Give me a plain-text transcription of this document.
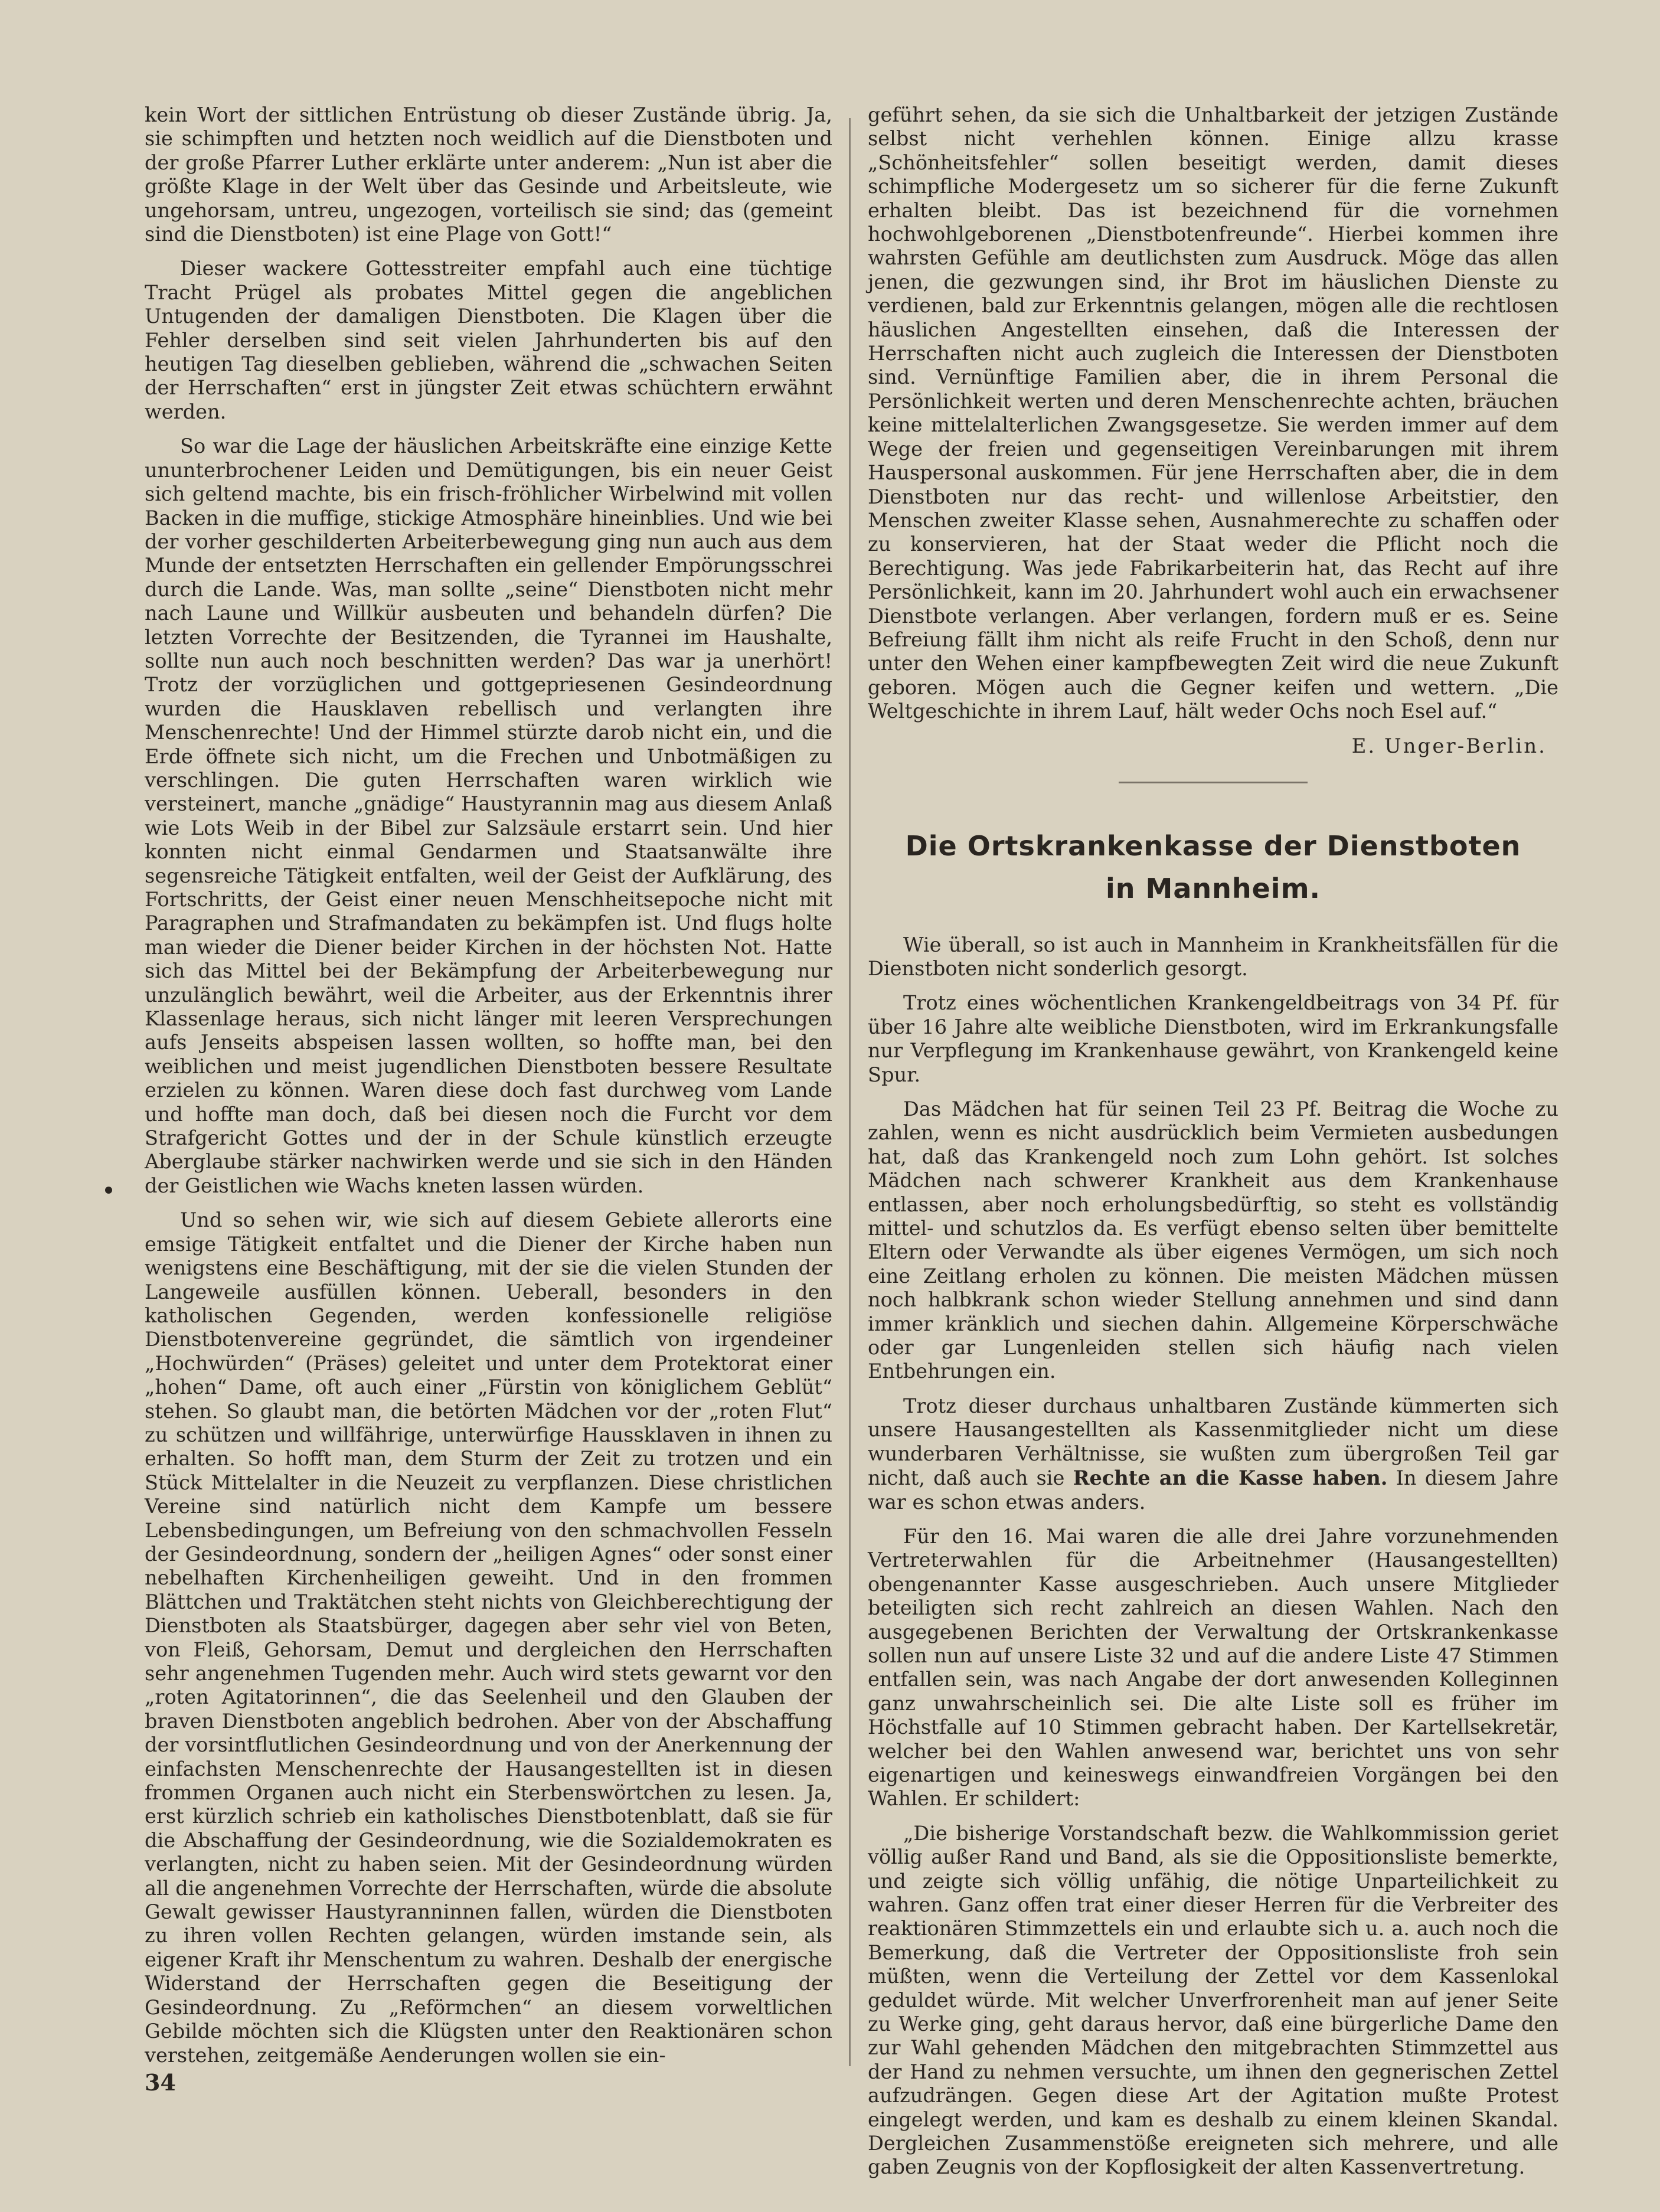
kein Wort der sittlichen Entrüstung ob dieser Zustände übrig. Ja, sie schimpften und hetzten noch weidlich auf die Dienstboten und der große Pfarrer Luther erklärte unter anderem: „Nun ist aber die größte Klage in der Welt über das Gesinde und Arbeitsleute, wie ungehorsam, untreu, ungezogen, vorteilisch sie sind; das (gemeint sind die Dienstboten) ist eine Plage von Gott!“

Dieser wackere Gottesstreiter empfahl auch eine tüchtige Tracht Prügel als probates Mittel gegen die angeblichen Untugenden der damaligen Dienstboten. Die Klagen über die Fehler derselben sind seit vielen Jahrhunderten bis auf den heutigen Tag dieselben geblieben, während die „schwachen Seiten der Herrschaften“ erst in jüngster Zeit etwas schüchtern erwähnt werden.

So war die Lage der häuslichen Arbeitskräfte eine einzige Kette ununterbrochener Leiden und Demütigungen, bis ein neuer Geist sich geltend machte, bis ein frisch-fröhlicher Wirbelwind mit vollen Backen in die muffige, stickige Atmosphäre hineinblies. Und wie bei der vorher geschilderten Arbeiterbewegung ging nun auch aus dem Munde der entsetzten Herrschaften ein gellender Empörungsschrei durch die Lande. Was, man sollte „seine“ Dienstboten nicht mehr nach Laune und Willkür ausbeuten und behandeln dürfen? Die letzten Vorrechte der Besitzenden, die Tyrannei im Haushalte, sollte nun auch noch beschnitten werden? Das war ja unerhört! Trotz der vorzüglichen und gottgepriesenen Gesindeordnung wurden die Hausklaven rebellisch und verlangten ihre Menschenrechte! Und der Himmel stürzte darob nicht ein, und die Erde öffnete sich nicht, um die Frechen und Unbotmäßigen zu verschlingen. Die guten Herrschaften waren wirklich wie versteinert, manche „gnädige“ Haustyrannin mag aus diesem Anlaß wie Lots Weib in der Bibel zur Salzsäule erstarrt sein. Und hier konnten nicht einmal Gendarmen und Staatsanwälte ihre segensreiche Tätigkeit entfalten, weil der Geist der Aufklärung, des Fortschritts, der Geist einer neuen Menschheitsepoche nicht mit Paragraphen und Strafmandaten zu bekämpfen ist. Und flugs holte man wieder die Diener beider Kirchen in der höchsten Not. Hatte sich das Mittel bei der Bekämpfung der Arbeiterbewegung nur unzulänglich bewährt, weil die Arbeiter, aus der Erkenntnis ihrer Klassenlage heraus, sich nicht länger mit leeren Versprechungen aufs Jenseits abspeisen lassen wollten, so hoffte man, bei den weiblichen und meist jugendlichen Dienstboten bessere Resultate erzielen zu können. Waren diese doch fast durchweg vom Lande und hoffte man doch, daß bei diesen noch die Furcht vor dem Strafgericht Gottes und der in der Schule künstlich erzeugte Aberglaube stärker nachwirken werde und sie sich in den Händen der Geistlichen wie Wachs kneten lassen würden.

Und so sehen wir, wie sich auf diesem Gebiete allerorts eine emsige Tätigkeit entfaltet und die Diener der Kirche haben nun wenigstens eine Beschäftigung, mit der sie die vielen Stunden der Langeweile ausfüllen können. Ueberall, besonders in den katholischen Gegenden, werden konfessionelle religiöse Dienstbotenvereine gegründet, die sämtlich von irgendeiner „Hochwürden“ (Präses) geleitet und unter dem Protektorat einer „hohen“ Dame, oft auch einer „Fürstin von königlichem Geblüt“ stehen. So glaubt man, die betörten Mädchen vor der „roten Flut“ zu schützen und willfährige, unterwürfige Haussklaven in ihnen zu erhalten. So hofft man, dem Sturm der Zeit zu trotzen und ein Stück Mittelalter in die Neuzeit zu verpflanzen. Diese christlichen Vereine sind natürlich nicht dem Kampfe um bessere Lebensbedingungen, um Befreiung von den schmachvollen Fesseln der Gesindeordnung, sondern der „heiligen Agnes“ oder sonst einer nebelhaften Kirchenheiligen geweiht. Und in den frommen Blättchen und Traktätchen steht nichts von Gleichberechtigung der Dienstboten als Staatsbürger, dagegen aber sehr viel von Beten, von Fleiß, Gehorsam, Demut und dergleichen den Herrschaften sehr angenehmen Tugenden mehr. Auch wird stets gewarnt vor den „roten Agitatorinnen“, die das Seelenheil und den Glauben der braven Dienstboten angeblich bedrohen. Aber von der Abschaffung der vorsintflutlichen Gesindeordnung und von der Anerkennung der einfachsten Menschenrechte der Hausangestellten ist in diesen frommen Organen auch nicht ein Sterbenswörtchen zu lesen. Ja, erst kürzlich schrieb ein katholisches Dienstbotenblatt, daß sie für die Abschaffung der Gesindeordnung, wie die Sozialdemokraten es verlangten, nicht zu haben seien. Mit der Gesindeordnung würden all die angenehmen Vorrechte der Herrschaften, würde die absolute Gewalt gewisser Haustyranninnen fallen, würden die Dienstboten zu ihren vollen Rechten gelangen, würden imstande sein, als eigener Kraft ihr Menschentum zu wahren. Deshalb der energische Widerstand der Herrschaften gegen die Beseitigung der Gesindeordnung. Zu „Reförmchen“ an diesem vorweltlichen Gebilde möchten sich die Klügsten unter den Reaktionären schon verstehen, zeitgemäße Aenderungen wollen sie ein-

geführt sehen, da sie sich die Unhaltbarkeit der jetzigen Zustände selbst nicht verhehlen können. Einige allzu krasse „Schönheitsfehler“ sollen beseitigt werden, damit dieses schimpfliche Modergesetz um so sicherer für die ferne Zukunft erhalten bleibt. Das ist bezeichnend für die vornehmen hochwohlgeborenen „Dienstbotenfreunde“. Hierbei kommen ihre wahrsten Gefühle am deutlichsten zum Ausdruck. Möge das allen jenen, die gezwungen sind, ihr Brot im häuslichen Dienste zu verdienen, bald zur Erkenntnis gelangen, mögen alle die rechtlosen häuslichen Angestellten einsehen, daß die Interessen der Herrschaften nicht auch zugleich die Interessen der Dienstboten sind. Vernünftige Familien aber, die in ihrem Personal die Persönlichkeit werten und deren Menschenrechte achten, bräuchen keine mittelalterlichen Zwangsgesetze. Sie werden immer auf dem Wege der freien und gegenseitigen Vereinbarungen mit ihrem Hauspersonal auskommen. Für jene Herrschaften aber, die in dem Dienstboten nur das recht- und willenlose Arbeitstier, den Menschen zweiter Klasse sehen, Ausnahmerechte zu schaffen oder zu konservieren, hat der Staat weder die Pflicht noch die Berechtigung. Was jede Fabrikarbeiterin hat, das Recht auf ihre Persönlichkeit, kann im 20. Jahrhundert wohl auch ein erwachsener Dienstbote verlangen. Aber verlangen, fordern muß er es. Seine Befreiung fällt ihm nicht als reife Frucht in den Schoß, denn nur unter den Wehen einer kampfbewegten Zeit wird die neue Zukunft geboren. Mögen auch die Gegner keifen und wettern. „Die Weltgeschichte in ihrem Lauf, hält weder Ochs noch Esel auf.“

E. Unger-Berlin.
Die Ortskrankenkasse der Dienstboten
in Mannheim.

Wie überall, so ist auch in Mannheim in Krankheitsfällen für die Dienstboten nicht sonderlich gesorgt.

Trotz eines wöchentlichen Krankengeldbeitrags von 34 Pf. für über 16 Jahre alte weibliche Dienstboten, wird im Erkrankungsfalle nur Verpflegung im Krankenhause gewährt, von Krankengeld keine Spur.

Das Mädchen hat für seinen Teil 23 Pf. Beitrag die Woche zu zahlen, wenn es nicht ausdrücklich beim Vermieten ausbedungen hat, daß das Krankengeld noch zum Lohn gehört. Ist solches Mädchen nach schwerer Krankheit aus dem Krankenhause entlassen, aber noch erholungsbedürftig, so steht es vollständig mittel- und schutzlos da. Es verfügt ebenso selten über bemittelte Eltern oder Verwandte als über eigenes Vermögen, um sich noch eine Zeitlang erholen zu können. Die meisten Mädchen müssen noch halbkrank schon wieder Stellung annehmen und sind dann immer kränklich und siechen dahin. Allgemeine Körperschwäche oder gar Lungenleiden stellen sich häufig nach vielen Entbehrungen ein.

Trotz dieser durchaus unhaltbaren Zustände kümmerten sich unsere Hausangestellten als Kassenmitglieder nicht um diese wunderbaren Verhältnisse, sie wußten zum übergroßen Teil gar nicht, daß auch sie Rechte an die Kasse haben. In diesem Jahre war es schon etwas anders.

Für den 16. Mai waren die alle drei Jahre vorzunehmenden Vertreterwahlen für die Arbeitnehmer (Hausangestellten) obengenannter Kasse ausgeschrieben. Auch unsere Mitglieder beteiligten sich recht zahlreich an diesen Wahlen. Nach den ausgegebenen Berichten der Verwaltung der Ortskrankenkasse sollen nun auf unsere Liste 32 und auf die andere Liste 47 Stimmen entfallen sein, was nach Angabe der dort anwesenden Kolleginnen ganz unwahrscheinlich sei. Die alte Liste soll es früher im Höchstfalle auf 10 Stimmen gebracht haben. Der Kartellsekretär, welcher bei den Wahlen anwesend war, berichtet uns von sehr eigenartigen und keineswegs einwandfreien Vorgängen bei den Wahlen. Er schildert:

„Die bisherige Vorstandschaft bezw. die Wahlkommission geriet völlig außer Rand und Band, als sie die Oppositionsliste bemerkte, und zeigte sich völlig unfähig, die nötige Unparteilichkeit zu wahren. Ganz offen trat einer dieser Herren für die Verbreiter des reaktionären Stimmzettels ein und erlaubte sich u. a. auch noch die Bemerkung, daß die Vertreter der Oppositionsliste froh sein müßten, wenn die Verteilung der Zettel vor dem Kassenlokal geduldet würde. Mit welcher Unverfrorenheit man auf jener Seite zu Werke ging, geht daraus hervor, daß eine bürgerliche Dame den zur Wahl gehenden Mädchen den mitgebrachten Stimmzettel aus der Hand zu nehmen versuchte, um ihnen den gegnerischen Zettel aufzudrängen. Gegen diese Art der Agitation mußte Protest eingelegt werden, und kam es deshalb zu einem kleinen Skandal. Dergleichen Zusammenstöße ereigneten sich mehrere, und alle gaben Zeugnis von der Kopflosigkeit der alten Kassenvertretung.

34
